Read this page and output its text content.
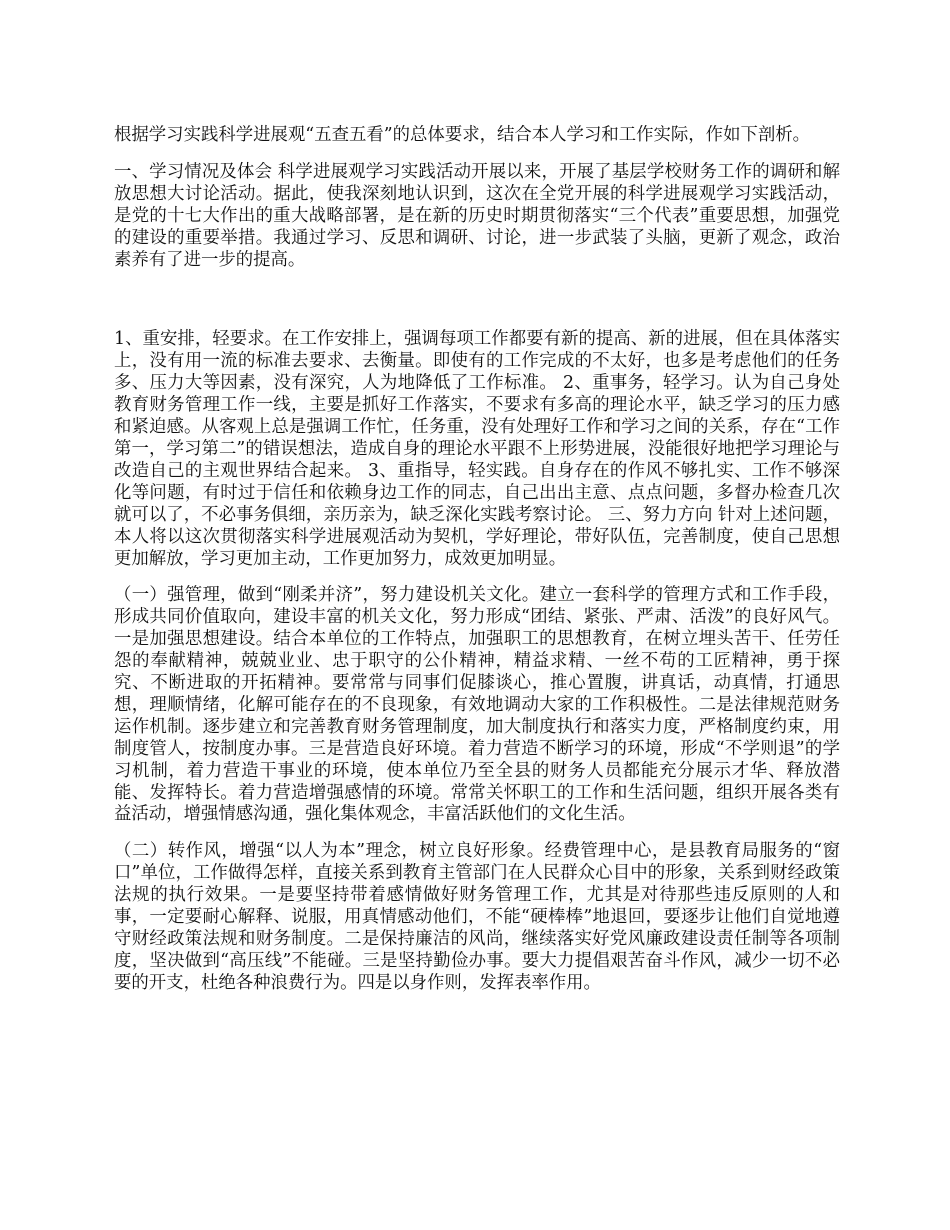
根据学习实践科学进展观“五查五看”的总体要求，结合本人学习和工作实际，作如下剖析。

一、学习情况及体会 科学进展观学习实践活动开展以来，开展了基层学校财务工作的调研和解放思想大讨论活动。据此，使我深刻地认识到，这次在全党开展的科学进展观学习实践活动，是党的十七大作出的重大战略部署，是在新的历史时期贯彻落实“三个代表”重要思想，加强党的建设的重要举措。我通过学习、反思和调研、讨论，进一步武装了头脑，更新了观念，政治素养有了进一步的提高。

1、重安排，轻要求。在工作安排上，强调每项工作都要有新的提高、新的进展，但在具体落实上，没有用一流的标准去要求、去衡量。即使有的工作完成的不太好，也多是考虑他们的任务多、压力大等因素，没有深究，人为地降低了工作标准。 2、重事务，轻学习。认为自己身处教育财务管理工作一线，主要是抓好工作落实，不要求有多高的理论水平，缺乏学习的压力感和紧迫感。从客观上总是强调工作忙，任务重，没有处理好工作和学习之间的关系，存在“工作第一，学习第二”的错误想法，造成自身的理论水平跟不上形势进展，没能很好地把学习理论与改造自己的主观世界结合起来。 3、重指导，轻实践。自身存在的作风不够扎实、工作不够深化等问题，有时过于信任和依赖身边工作的同志，自己出出主意、点点问题，多督办检查几次就可以了，不必事务俱细，亲历亲为，缺乏深化实践考察讨论。 三、努力方向 针对上述问题，本人将以这次贯彻落实科学进展观活动为契机，学好理论，带好队伍，完善制度，使自己思想更加解放，学习更加主动，工作更加努力，成效更加明显。

（一）强管理，做到“刚柔并济”，努力建设机关文化。建立一套科学的管理方式和工作手段，形成共同价值取向，建设丰富的机关文化，努力形成“团结、紧张、严肃、活泼”的良好风气。一是加强思想建设。结合本单位的工作特点，加强职工的思想教育，在树立埋头苦干、任劳任怨的奉献精神，兢兢业业、忠于职守的公仆精神，精益求精、一丝不苟的工匠精神，勇于探究、不断进取的开拓精神。要常常与同事们促膝谈心，推心置腹，讲真话，动真情，打通思想，理顺情绪，化解可能存在的不良现象，有效地调动大家的工作积极性。二是法律规范财务运作机制。逐步建立和完善教育财务管理制度，加大制度执行和落实力度，严格制度约束，用制度管人，按制度办事。三是营造良好环境。着力营造不断学习的环境，形成“不学则退”的学习机制，着力营造干事业的环境，使本单位乃至全县的财务人员都能充分展示才华、释放潜能、发挥特长。着力营造增强感情的环境。常常关怀职工的工作和生活问题，组织开展各类有益活动，增强情感沟通，强化集体观念，丰富活跃他们的文化生活。

（二）转作风，增强“以人为本”理念，树立良好形象。经费管理中心，是县教育局服务的“窗口”单位，工作做得怎样，直接关系到教育主管部门在人民群众心目中的形象，关系到财经政策法规的执行效果。一是要坚持带着感情做好财务管理工作，尤其是对待那些违反原则的人和事，一定要耐心解释、说服，用真情感动他们，不能“硬棒棒”地退回，要逐步让他们自觉地遵守财经政策法规和财务制度。二是保持廉洁的风尚，继续落实好党风廉政建设责任制等各项制度，坚决做到“高压线”不能碰。三是坚持勤俭办事。要大力提倡艰苦奋斗作风，减少一切不必要的开支，杜绝各种浪费行为。四是以身作则，发挥表率作用。
